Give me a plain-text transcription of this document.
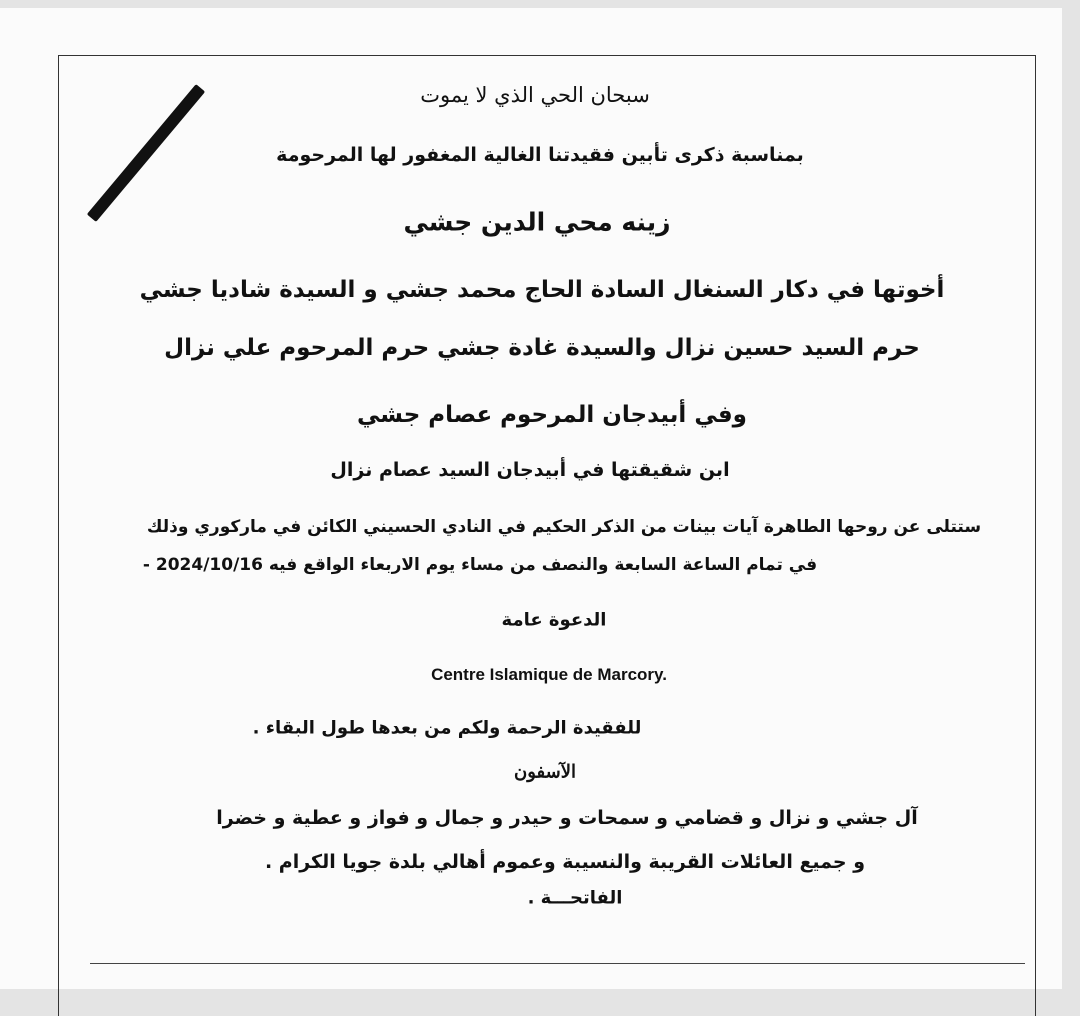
سبحان الحي الذي لا يموت
بمناسبة ذكرى تأبين فقيدتنا الغالية المغفور لها المرحومة
زينه محي الدين جشي
أخوتها في دكار السنغال السادة الحاج محمد جشي و السيدة شاديا جشي
حرم السيد حسين نزال والسيدة غادة جشي حرم المرحوم علي نزال
وفي أبيدجان المرحوم عصام جشي
ابن شقيقتها في أبيدجان السيد عصام نزال
ستتلى عن روحها الطاهرة آيات بينات من الذكر الحكيم في النادي الحسيني الكائن في ماركوري وذلك
في تمام الساعة السابعة والنصف من مساء يوم الاربعاء الواقع فيه 2024/10/16 -
الدعوة عامة
Centre Islamique de Marcory.
للفقيدة الرحمة ولكم من بعدها طول البقاء .
الآسفون
آل جشي و نزال و قضامي و سمحات و حيدر و جمال و فواز و عطية و خضرا
و جميع العائلات القريبة والنسيبة وعموم أهالي بلدة جويا الكرام .
الفاتحـــة .
